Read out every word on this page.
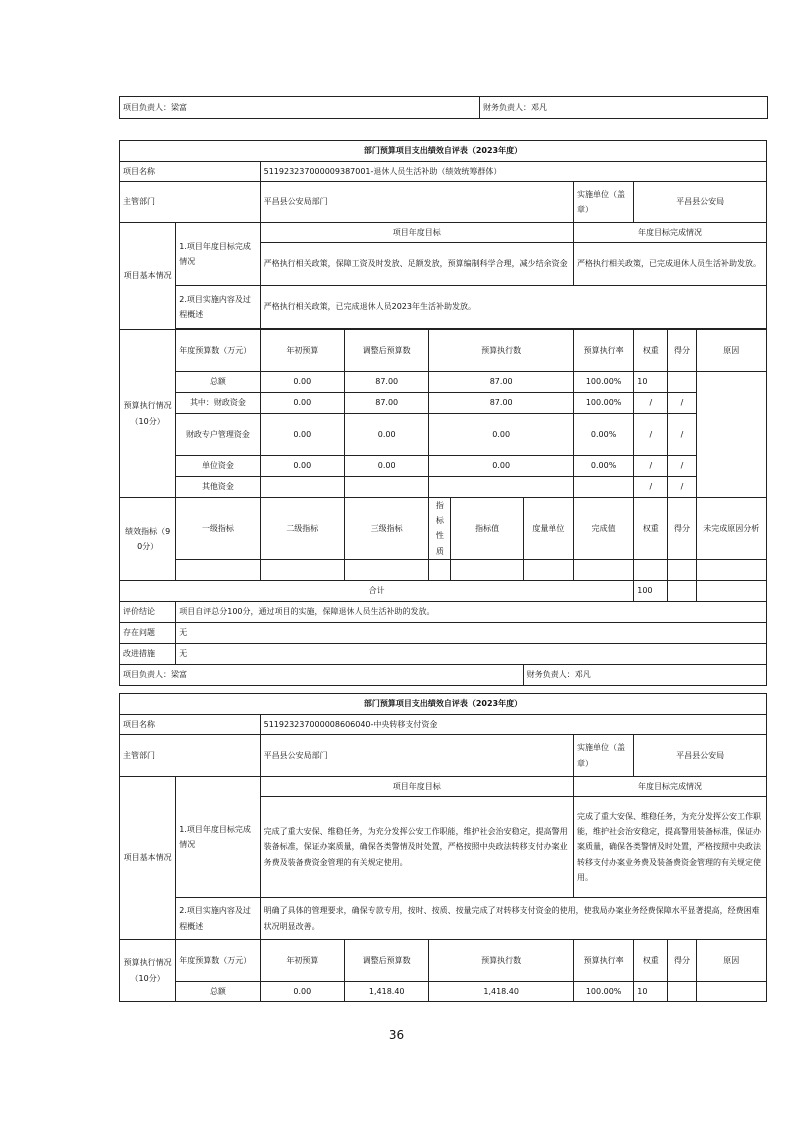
项目负责人：梁富	财务负责人：邓凡
部门预算项目支出绩效自评表（2023年度）										
项目名称		511923237000009387001-退休人员生活补助（绩效统筹群体）								
主管部门		平昌县公安局部门					实施单位（盖章）	平昌县公安局		
项目基本情况	1.项目年度目标完成情况	项目年度目标					年度目标完成情况			
		严格执行相关政策，保障工资及时发放、足额发放，预算编制科学合理，减少结余资金					严格执行相关政策，已完成退休人员生活补助发放。			
	2.项目实施内容及过程概述	严格执行相关政策，已完成退休人员2023年生活补助发放。								

预算执行情况（10分）	年度预算数（万元）	年初预算	调整后预算数	预算执行数			预算执行率	权重	得分	原因
	总额	0.00	87.00	87.00			100.00%	10		
	其中：财政资金	0.00	87.00	87.00			100.00%	/	/	
	财政专户管理资金	0.00	0.00	0.00			0.00%	/	/	
	单位资金	0.00	0.00	0.00			0.00%	/	/	
	其他资金							/	/	
绩效指标（90分）	一级指标	二级指标	三级指标	指标性质	指标值	度量单位	完成值	权重	得分	未完成原因分析

合计								100		
评价结论	项目自评总分100分，通过项目的实施，保障退休人员生活补助的发放。									
存在问题	无									
改进措施	无									
项目负责人：梁富						财务负责人：邓凡				
部门预算项目支出绩效自评表（2023年度）								
项目名称		511923237000008606040-中央转移支付资金						
主管部门		平昌县公安局部门			实施单位（盖章）	平昌县公安局		
项目基本情况	1.项目年度目标完成情况	项目年度目标			年度目标完成情况			
		完成了重大安保、维稳任务，为充分发挥公安工作职能，维护社会治安稳定，提高警用装备标准，保证办案质量，确保各类警情及时处置，严格按照中央政法转移支付办案业务费及装备费资金管理的有关规定使用。			完成了重大安保、维稳任务，为充分发挥公安工作职能，维护社会治安稳定，提高警用装备标准，保证办案质量，确保各类警情及时处置，严格按照中央政法转移支付办案业务费及装备费资金管理的有关规定使用。			
	2.项目实施内容及过程概述	明确了具体的管理要求，确保专款专用，按时、按质、按量完成了对转移支付资金的使用，使我局办案业务经费保障水平显著提高，经费困难状况明显改善。						
预算执行情况（10分）	年度预算数（万元）	年初预算	调整后预算数	预算执行数	预算执行率	权重	得分	原因
	总额	0.00	1,418.40	1,418.40	100.00%	10		
36
